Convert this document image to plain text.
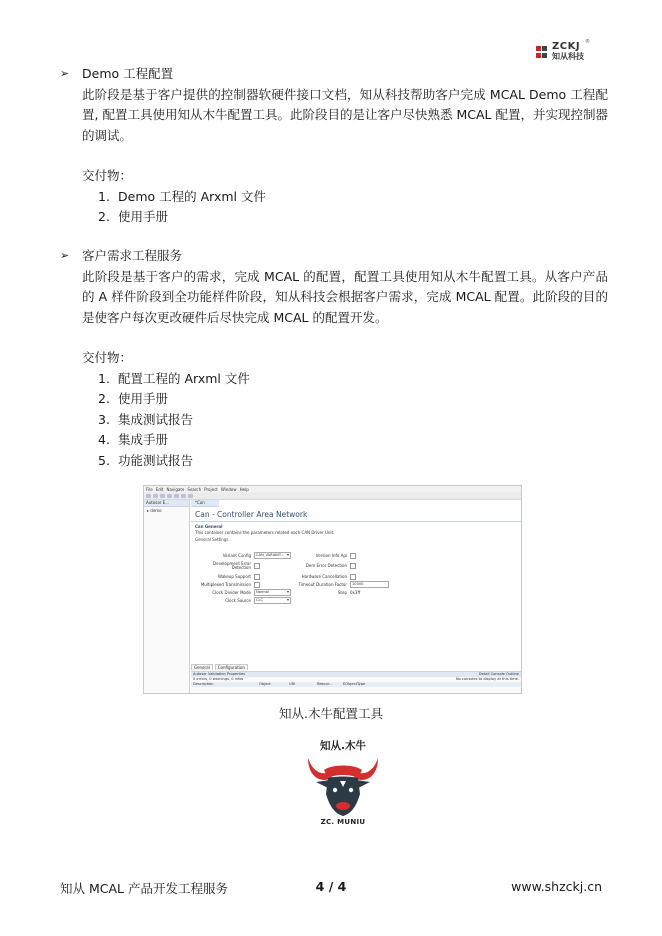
ZCKJ
知从科技
®
➢	Demo 工程配置
此阶段是基于客户提供的控制器软硬件接口文档，知从科技帮助客户完成 MCAL Demo 工程配置, 配置工具使用知从木牛配置工具。此阶段目的是让客户尽快熟悉 MCAL 配置，并实现控制器的调试。
交付物：
1. Demo 工程的 Arxml 文件
2. 使用手册
➢	客户需求工程服务
此阶段是基于客户的需求，完成 MCAL 的配置，配置工具使用知从木牛配置工具。从客户产品的 A 样件阶段到全功能样件阶段，知从科技会根据客户需求，完成 MCAL 配置。此阶段的目的是使客户每次更改硬件后尽快完成 MCAL 的配置开发。
交付物：
1. 配置工程的 Arxml 文件
2. 使用手册
3. 集成测试报告
4. 集成手册
5. 功能测试报告
File Edit Navigate Search Project Window Help
Autosar E...
▸ demo
*Can
Can - Controller Area Network
Can General
This container contains the parameters related each CAN Driver Unit.
General Settings
Variant Config	CAN_VARIANT... ▾
Development Error Detection
Wakeup Support
Multiplexed Transmission
Clock Divider Mode	Normal ▾
Clock Source	CLC ▾
Version Info Api
Dem Error Detection
Hardware Cancellation
Timeout Duration Factor	10000
Step 0x3ff
General	Configuration
Autosar Validation Properties	Detail Console Outline
0 errors, 0 warnings, 0 infos	No consoles to display at this time.
Description	Object	URI	Resour...	EObjectType
知从.木牛配置工具
知从.木牛
ZC. MUNIU
知从 MCAL 产品开发工程服务	4 / 4	www.shzckj.cn
